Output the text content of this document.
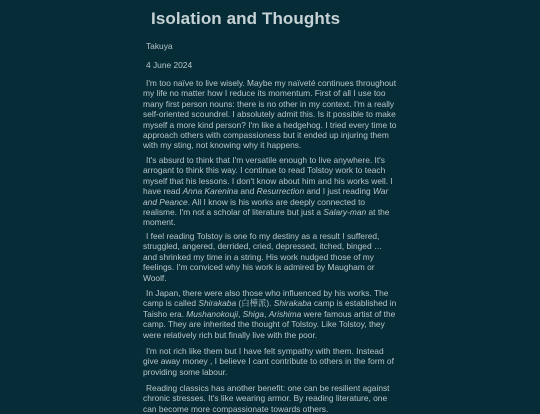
Isolation and Thoughts

Takuya

4 June 2024

I'm too naïve to live wisely. Maybe my naïveté continues throughout my life no matter how I reduce its momentum. First of all I use too many first person nouns: there is no other in my context. I'm a really self-oriented scoundrel. I absolutely admit this. Is it possible to make myself a more kind person? I'm like a hedgehog. I tried every time to approach others with compassioness but it ended up injuring them with my sting, not knowing why it happens.

It's absurd to think that I'm versatile enough to live anywhere. It's arrogant to think this way. I continue to read Tolstoy work to teach myself that his lessons. I don't know about him and his works well. I have read Anna Karenina and Resurrection and I just reading War and Peance. All I know is his works are deeply connected to realisme. I'm not a scholar of literature but just a Salary-man at the moment.

I feel reading Tolstoy is one fo my destiny as a result I suffered, struggled, angered, derrided, cried, depressed, itched, binged … and shrinked my time in a string. His work nudged those of my feelings. I'm conviced why his work is admired by Maugham or Woolf.

In Japan, there were also those who influenced by his works. The camp is called Shirakaba (白樺派). Shirakaba camp is established in Taisho era. Mushanokouji, Shiga, Arishima were famous artist of the camp. They are inherited the thought of Tolstoy. Like Tolstoy, they were relatively rich but finally live with the poor.

I'm not rich like them but I have felt sympathy with them. Instead give away money , I believe I cant contribute to others in the form of providing some labour.

Reading classics has another benefit: one can be resilient against chronic stresses. It's like wearing armor. By reading literature, one can become more compassionate towards others.
